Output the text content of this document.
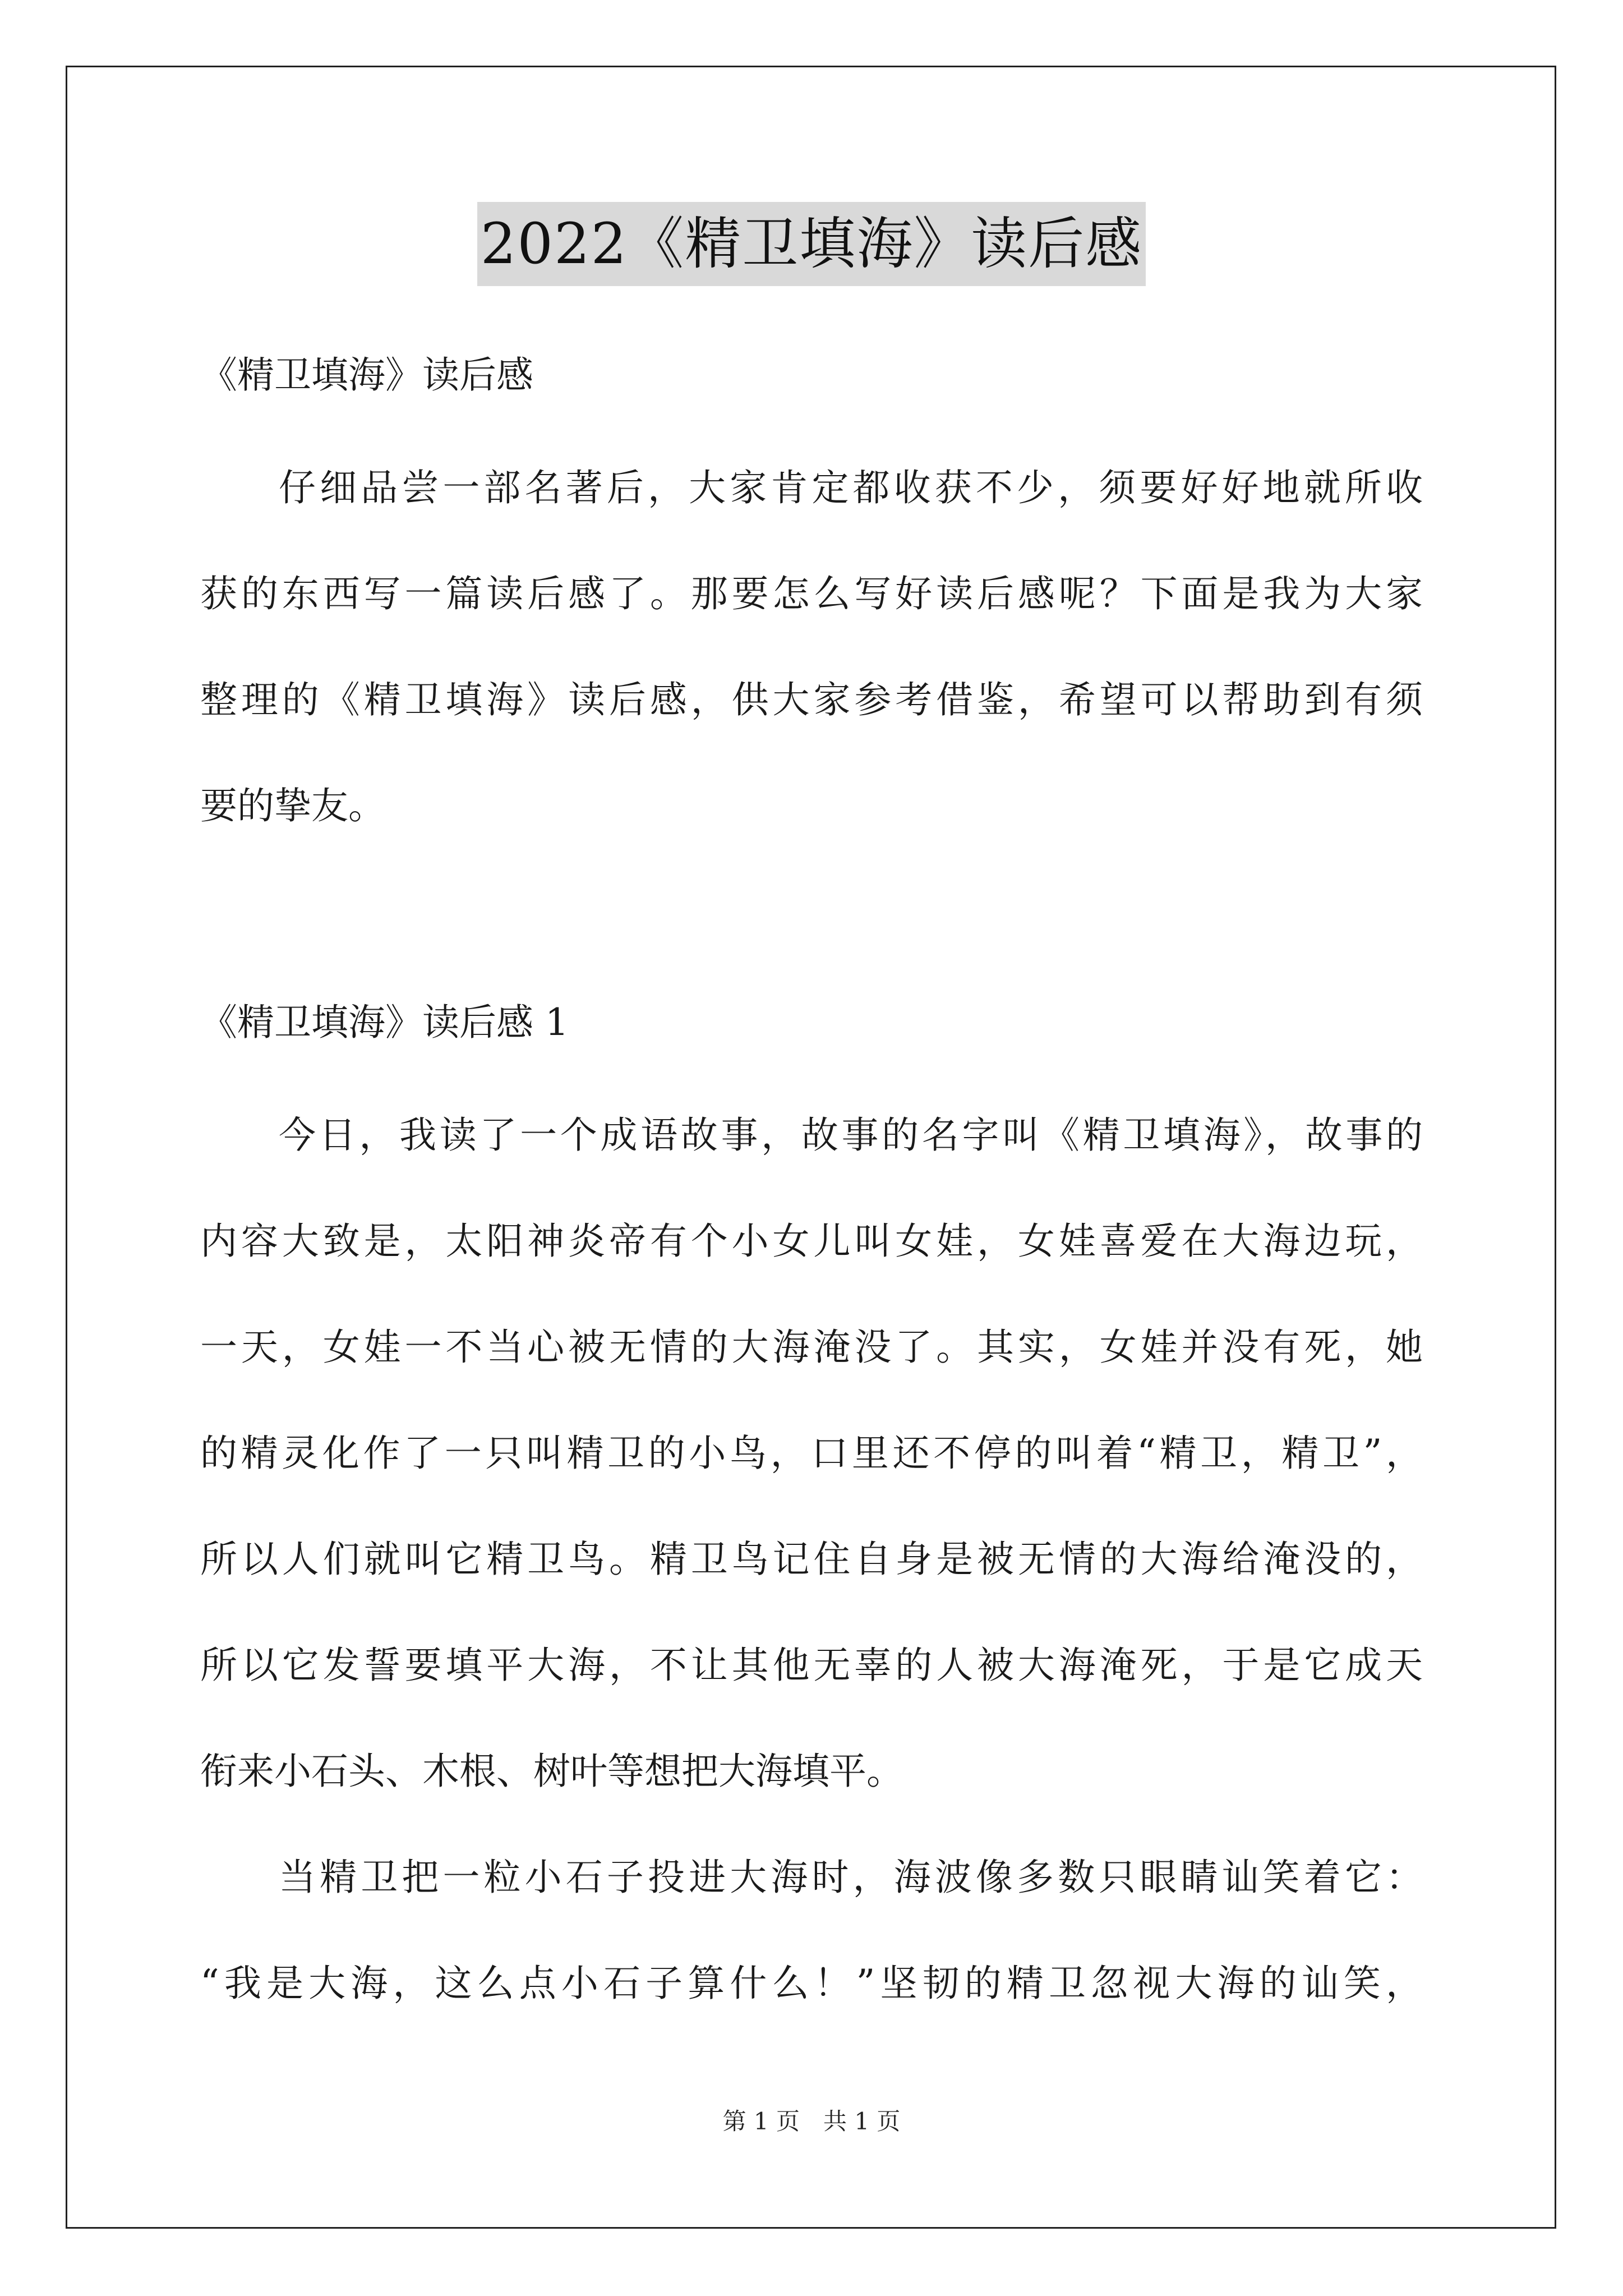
2022《精卫填海》读后感
《精卫填海》读后感
仔细品尝一部名著后，大家肯定都收获不少，须要好好地就所收
获的东西写一篇读后感了。那要怎么写好读后感呢？下面是我为大家
整理的《精卫填海》读后感，供大家参考借鉴，希望可以帮助到有须
要的挚友。
《精卫填海》读后感 1
今日，我读了一个成语故事，故事的名字叫《精卫填海》，故事的
内容大致是，太阳神炎帝有个小女儿叫女娃，女娃喜爱在大海边玩，
一天，女娃一不当心被无情的大海淹没了。其实，女娃并没有死，她
的精灵化作了一只叫精卫的小鸟，口里还不停的叫着“精卫，精卫”，
所以人们就叫它精卫鸟。精卫鸟记住自身是被无情的大海给淹没的，
所以它发誓要填平大海，不让其他无辜的人被大海淹死，于是它成天
衔来小石头、木根、树叶等想把大海填平。
当精卫把一粒小石子投进大海时，海波像多数只眼睛讪笑着它：
“我是大海，这么点小石子算什么！”坚韧的精卫忽视大海的讪笑，
第 1 页　共 1 页
